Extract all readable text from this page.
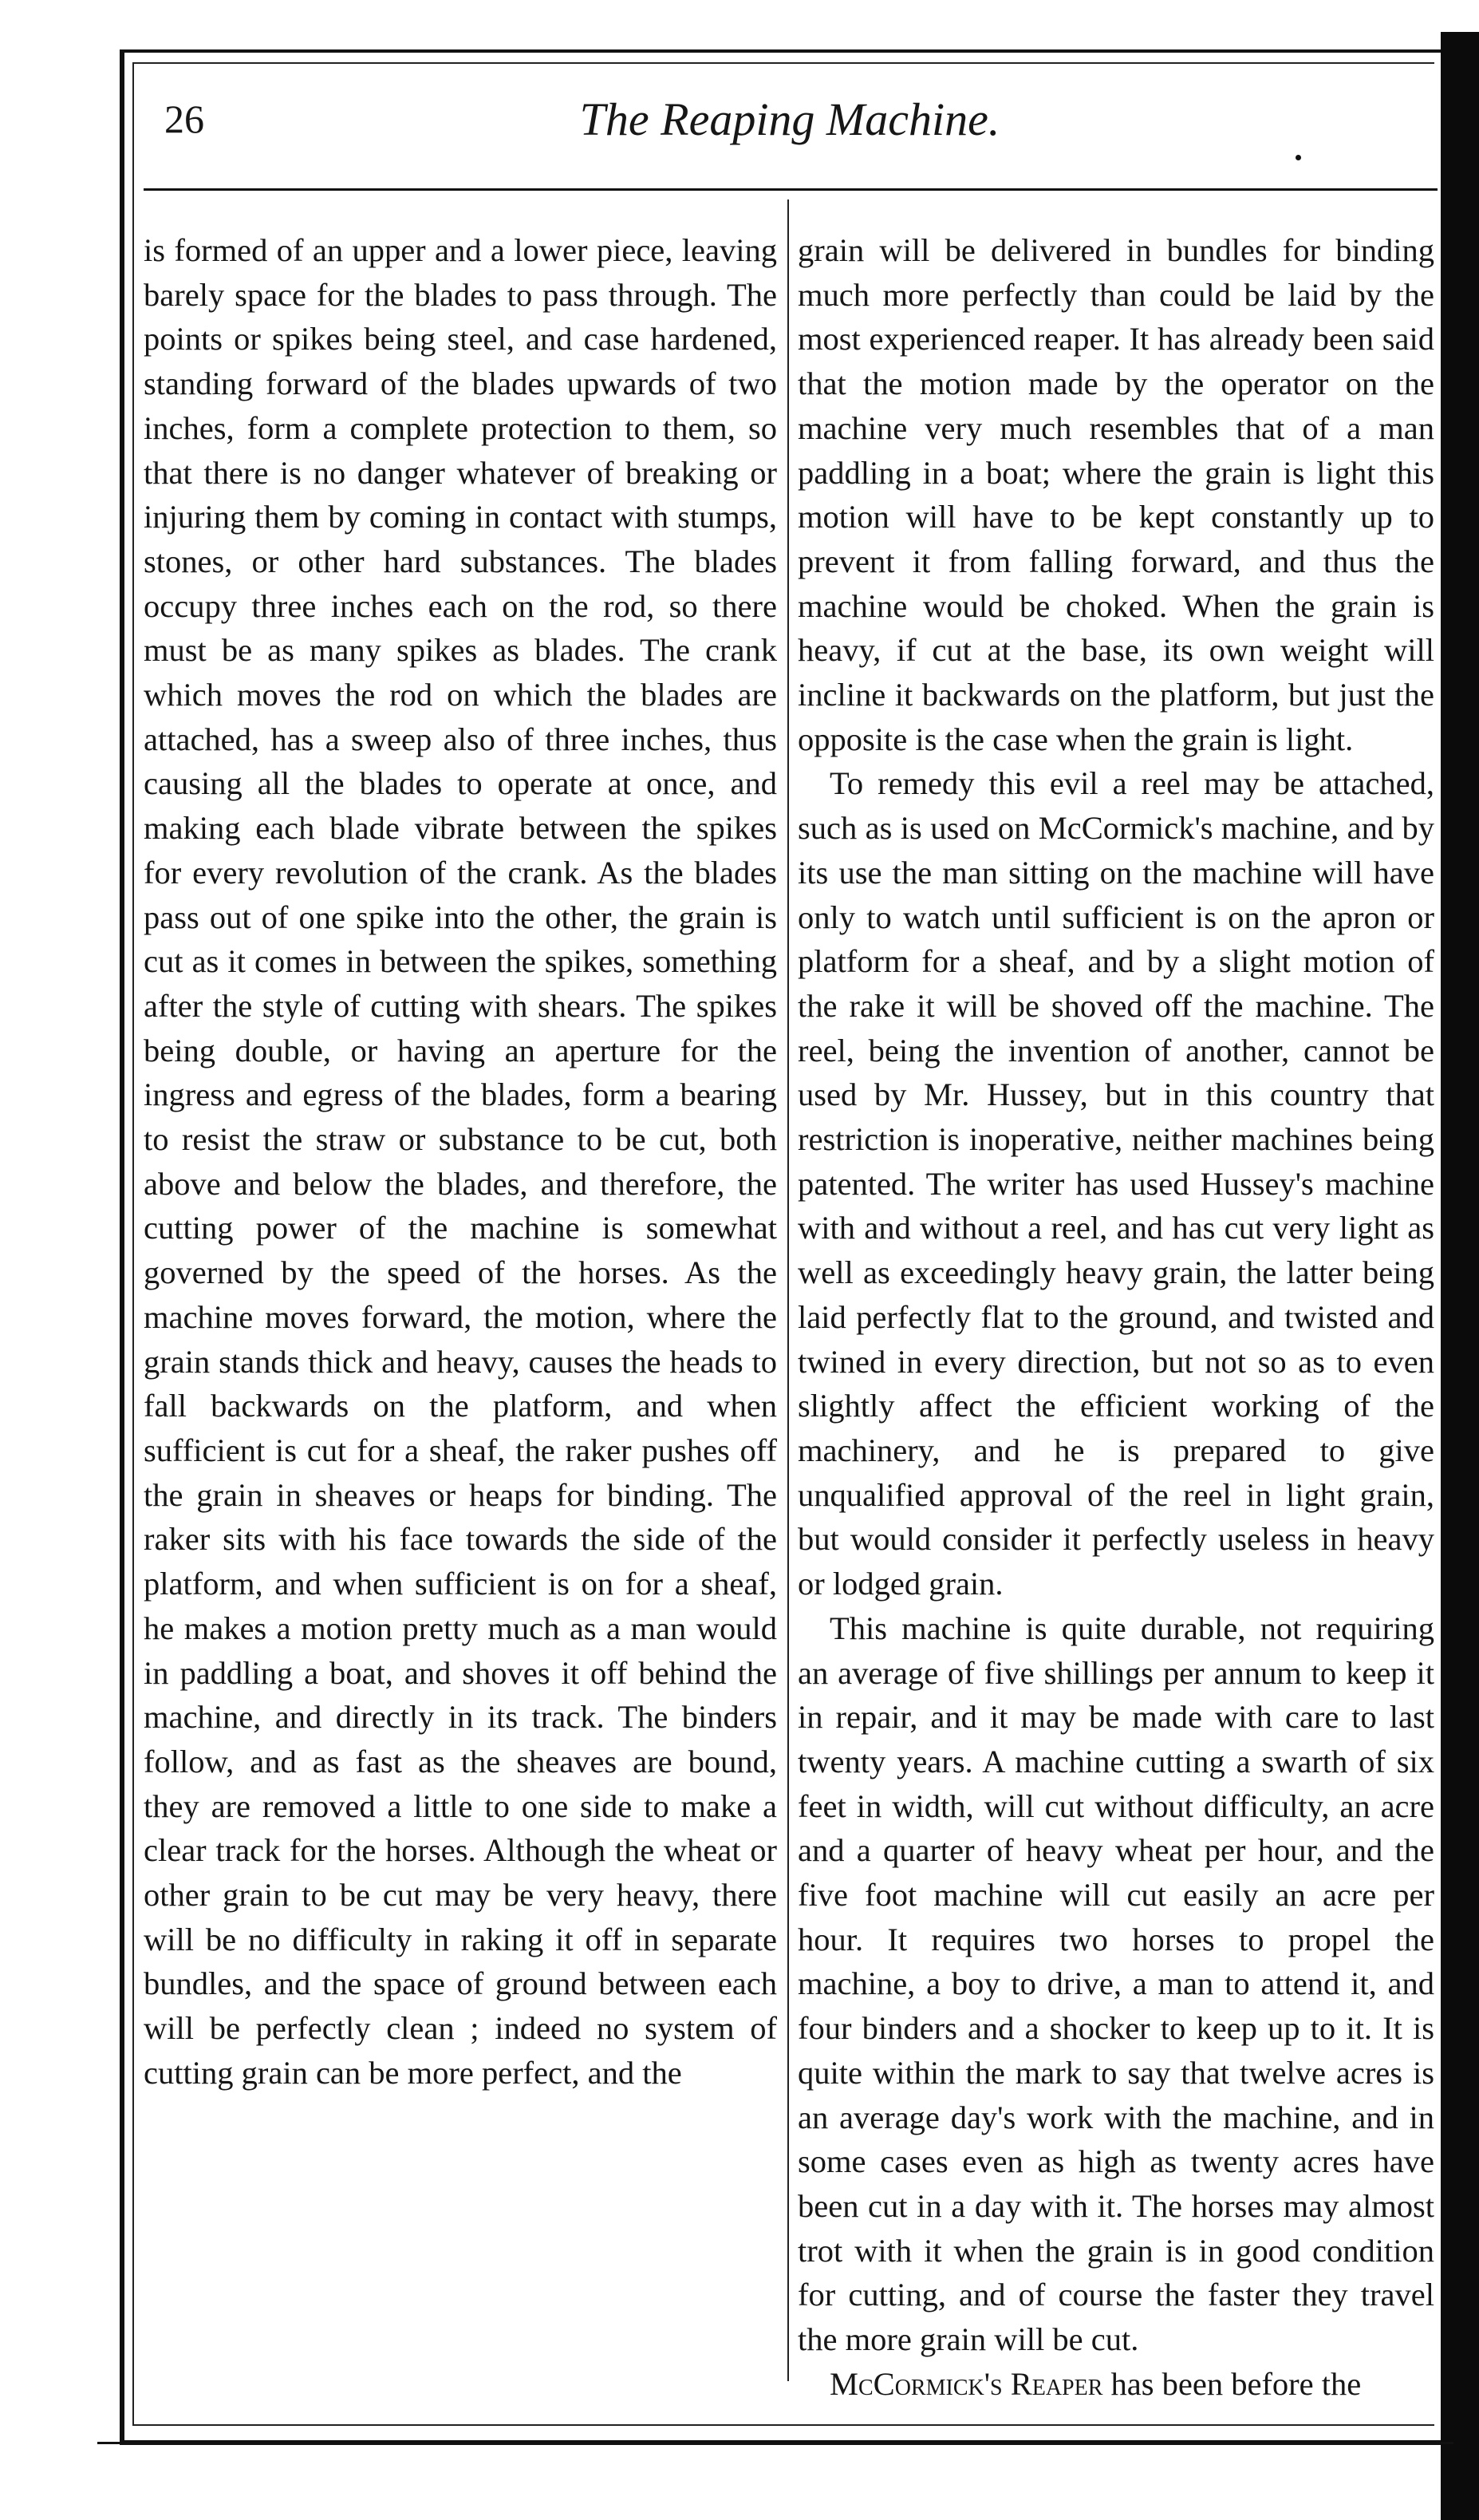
26	The Reaping Machine.

is formed of an upper and a lower piece, leaving barely space for the blades to pass through. The points or spikes being steel, and case hardened, standing forward of the blades upwards of two inches, form a complete protection to them, so that there is no danger whatever of breaking or injuring them by coming in contact with stumps, stones, or other hard substances. The blades occupy three inches each on the rod, so there must be as many spikes as blades. The crank which moves the rod on which the blades are attached, has a sweep also of three inches, thus causing all the blades to operate at once, and making each blade vibrate between the spikes for every revolution of the crank. As the blades pass out of one spike into the other, the grain is cut as it comes in between the spikes, something after the style of cutting with shears. The spikes being double, or having an aperture for the ingress and egress of the blades, form a bearing to resist the straw or substance to be cut, both above and below the blades, and therefore, the cutting power of the machine is somewhat governed by the speed of the horses. As the machine moves forward, the motion, where the grain stands thick and heavy, causes the heads to fall backwards on the platform, and when sufficient is cut for a sheaf, the raker pushes off the grain in sheaves or heaps for binding. The raker sits with his face towards the side of the platform, and when sufficient is on for a sheaf, he makes a motion pretty much as a man would in paddling a boat, and shoves it off behind the machine, and directly in its track. The binders follow, and as fast as the sheaves are bound, they are removed a little to one side to make a clear track for the horses. Although the wheat or other grain to be cut may be very heavy, there will be no difficulty in raking it off in separate bundles, and the space of ground between each will be perfectly clean ; indeed no system of cutting grain can be more perfect, and the

grain will be delivered in bundles for binding much more perfectly than could be laid by the most experienced reaper. It has already been said that the motion made by the operator on the machine very much resembles that of a man paddling in a boat; where the grain is light this motion will have to be kept constantly up to prevent it from falling forward, and thus the machine would be choked. When the grain is heavy, if cut at the base, its own weight will incline it backwards on the platform, but just the opposite is the case when the grain is light.

To remedy this evil a reel may be attached, such as is used on McCormick's machine, and by its use the man sitting on the machine will have only to watch until sufficient is on the apron or platform for a sheaf, and by a slight motion of the rake it will be shoved off the machine. The reel, being the invention of another, cannot be used by Mr. Hussey, but in this country that restriction is inoperative, neither machines being patented. The writer has used Hussey's machine with and without a reel, and has cut very light as well as exceedingly heavy grain, the latter being laid perfectly flat to the ground, and twisted and twined in every direction, but not so as to even slightly affect the efficient working of the machinery, and he is prepared to give unqualified approval of the reel in light grain, but would consider it perfectly useless in heavy or lodged grain.

This machine is quite durable, not requiring an average of five shillings per annum to keep it in repair, and it may be made with care to last twenty years. A machine cutting a swarth of six feet in width, will cut without difficulty, an acre and a quarter of heavy wheat per hour, and the five foot machine will cut easily an acre per hour. It requires two horses to propel the machine, a boy to drive, a man to attend it, and four binders and a shocker to keep up to it. It is quite within the mark to say that twelve acres is an average day's work with the machine, and in some cases even as high as twenty acres have been cut in a day with it. The horses may almost trot with it when the grain is in good condition for cutting, and of course the faster they travel the more grain will be cut.

McCormick's Reaper has been before the
